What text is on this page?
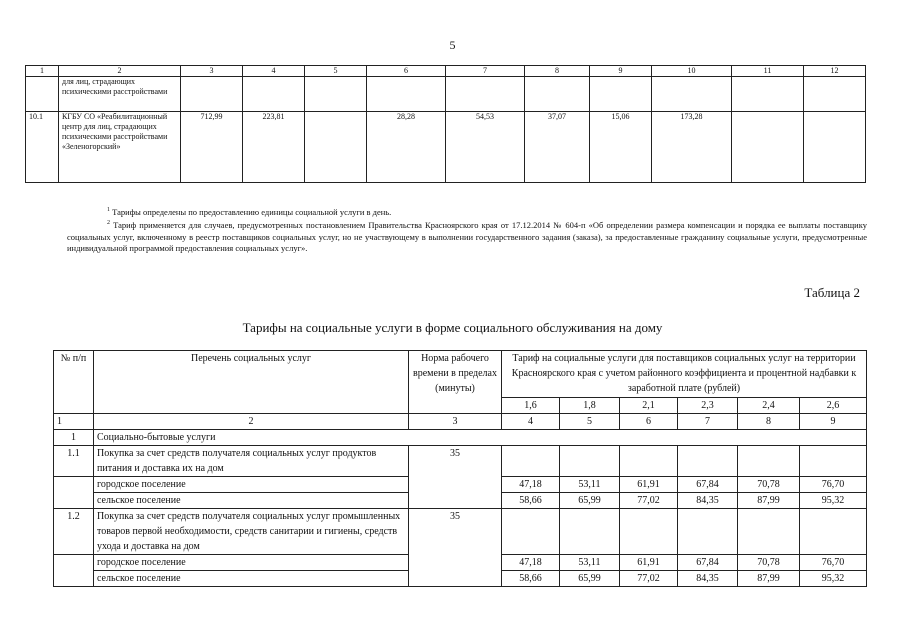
5
1	2	3	4	5	6	7	8	9	10	11	12
	для лиц, страдающих психическими расстройствами										
10.1	КГБУ СО «Реабилитационный центр для лиц, страдающих психическими расстройствами «Зеленогорский»	712,99	223,81		28,28	54,53	37,07	15,06	173,28		

$^1$ Тарифы определены по предоставлению единицы социальной услуги в день.

$^2$ Тариф применяется для случаев, предусмотренных постановлением Правительства Красноярского края от 17.12.2014 № 604-п «Об определении размера компенсации и порядка ее выплаты поставщику социальных услуг, включенному в реестр поставщиков социальных услуг, но не участвующему в выполнении государственного задания (заказа), за предоставленные гражданину социальные услуги, предусмотренные индивидуальной программой предоставления социальных услуг».

Таблица 2
Тарифы на социальные услуги в форме социального обслуживания на дому
№ п/п	Перечень социальных услуг	Норма рабочего времени в пределах (минуты)	Тариф на социальные услуги для поставщиков социальных услуг на территории Красноярского края с учетом районного коэффициента и процентной надбавки к заработной плате (рублей)					
			1,6	1,8	2,1	2,3	2,4	2,6
1	2	3	4	5	6	7	8	9
1	Социально-бытовые услуги							
1.1	Покупка за счет средств получателя социальных услуг продуктов питания и доставка их на дом	35						
	городское поселение		47,18	53,11	61,91	67,84	70,78	76,70
	сельское поселение		58,66	65,99	77,02	84,35	87,99	95,32
1.2	Покупка за счет средств получателя социальных услуг промышленных товаров первой необходимости, средств санитарии и гигиены, средств ухода и доставка на дом	35						
	городское поселение		47,18	53,11	61,91	67,84	70,78	76,70
	сельское поселение		58,66	65,99	77,02	84,35	87,99	95,32
